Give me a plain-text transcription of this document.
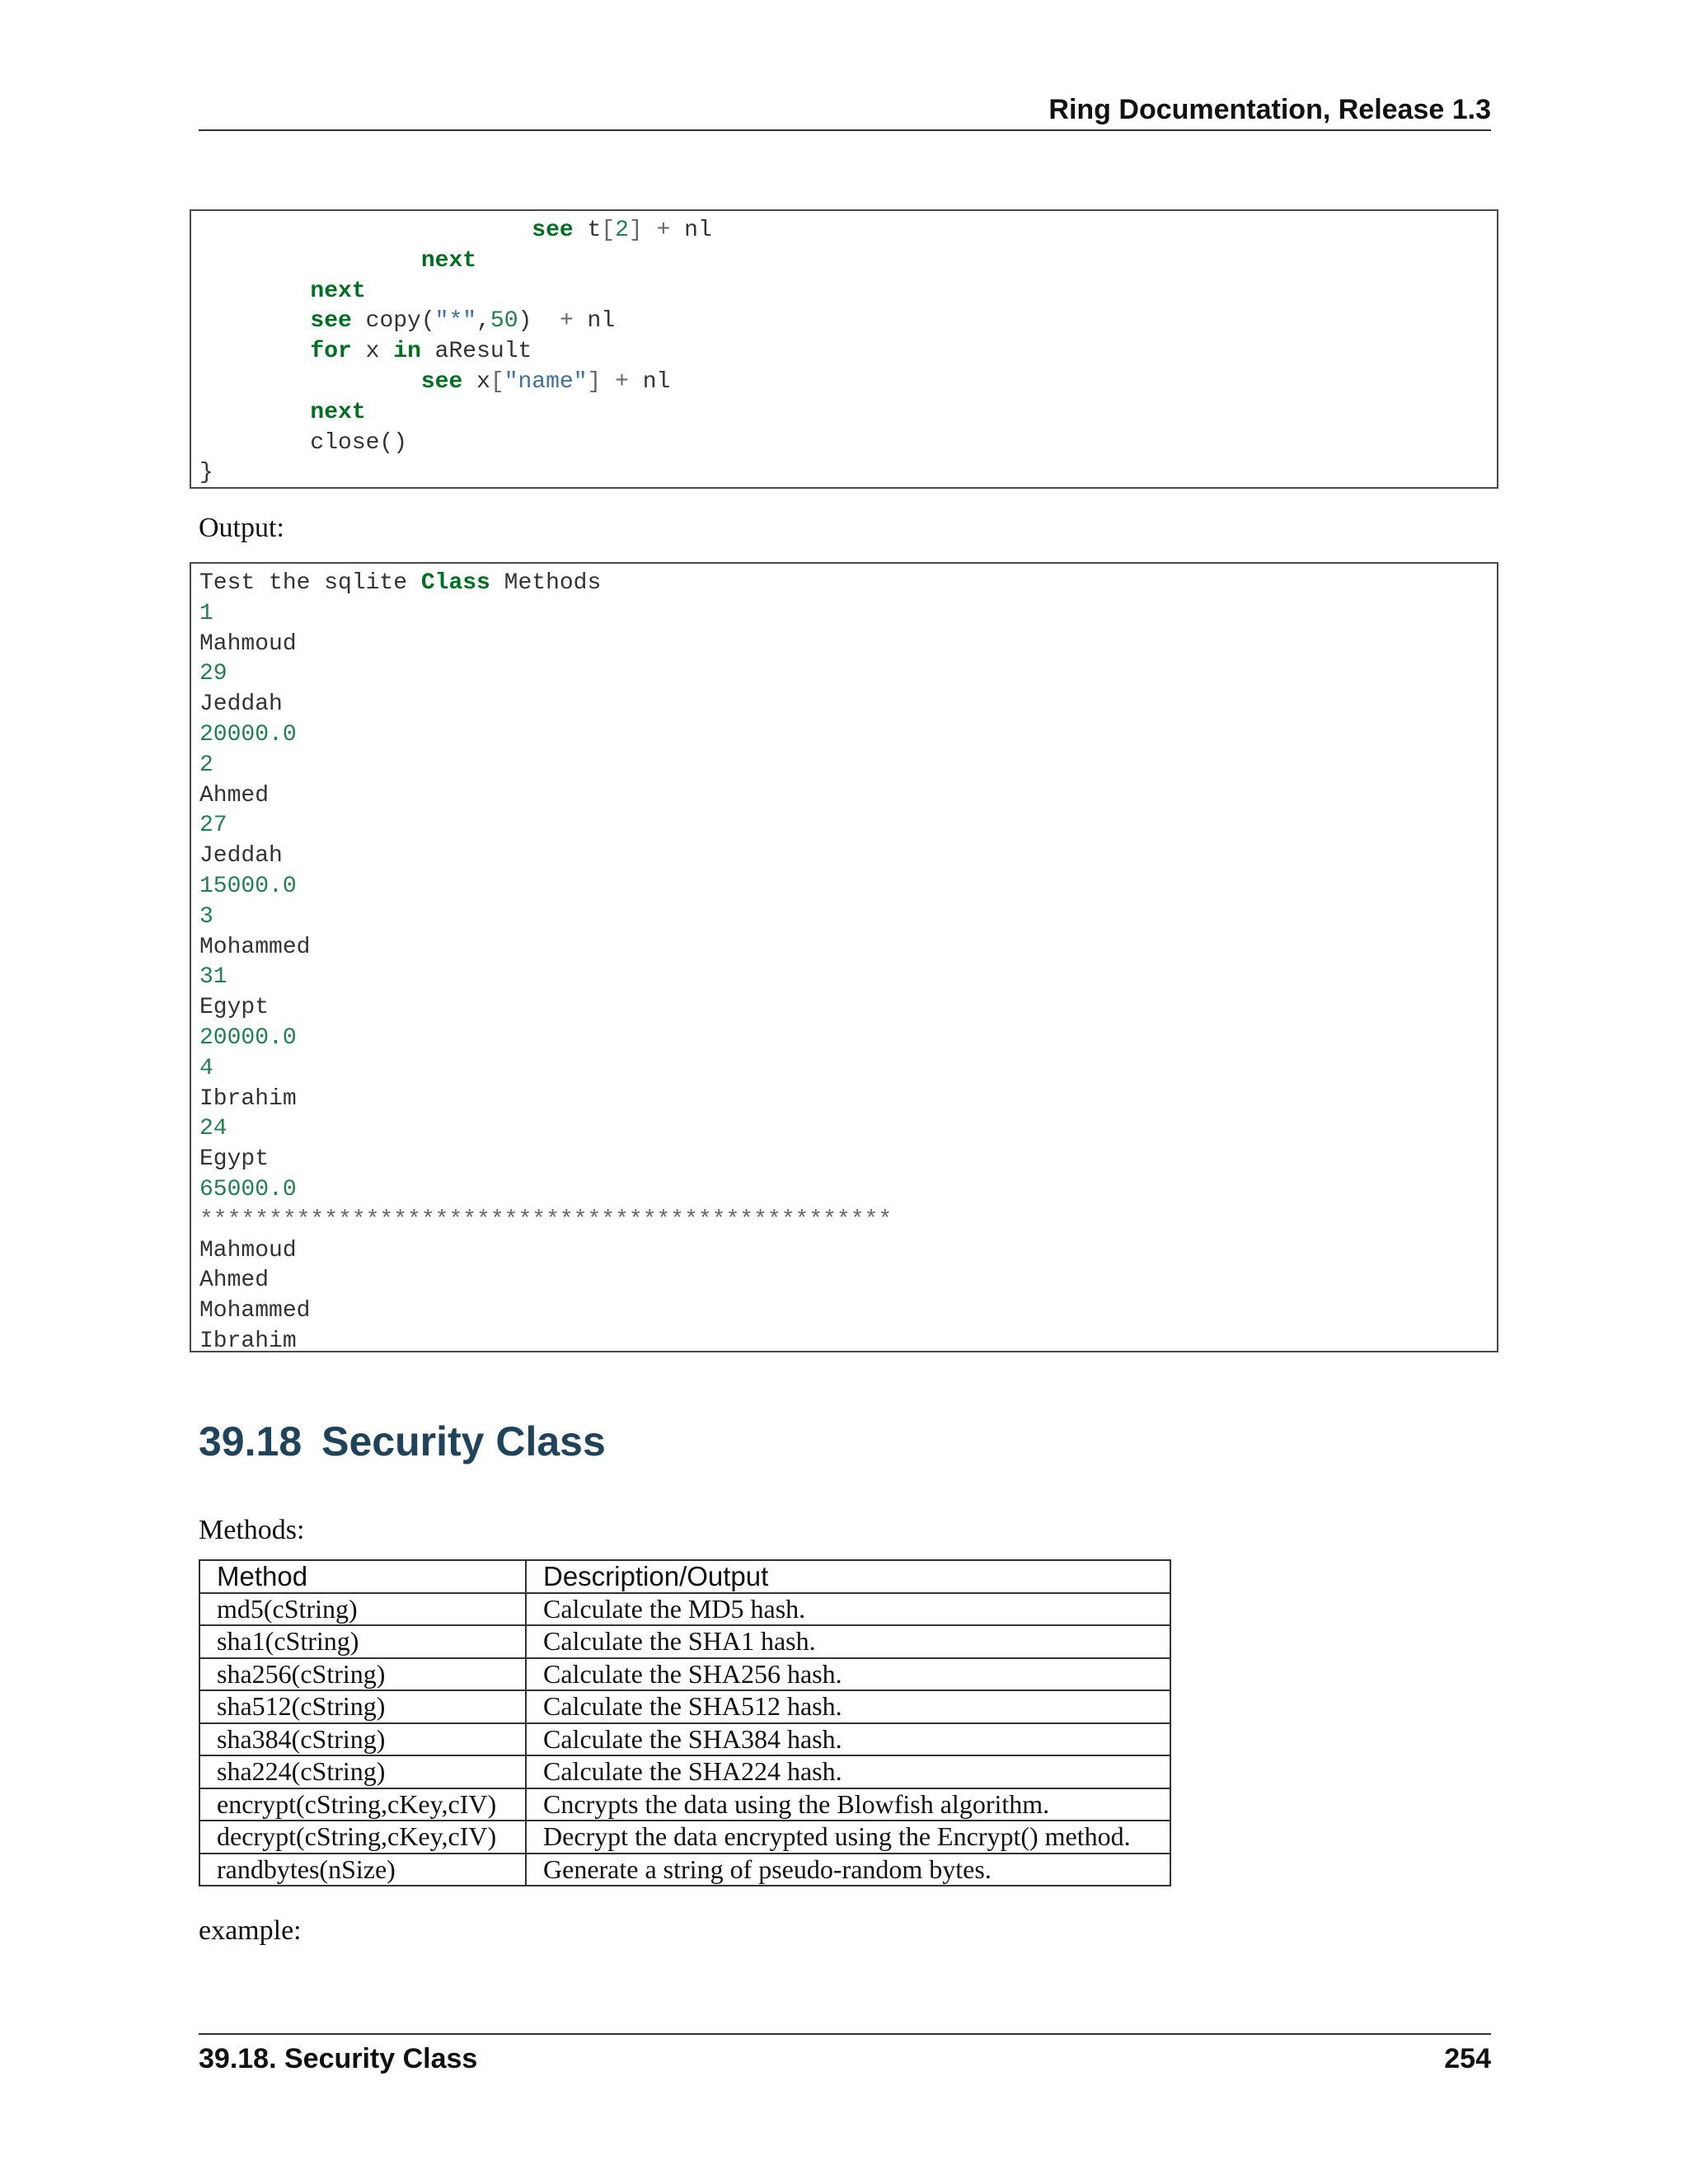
Ring Documentation, Release 1.3
see t[2] + nl
next
next
see copy("*",50)  + nl
for x in aResult
see x["name"] + nl
next
close()
}
Output:
Test the sqlite Class Methods
1
Mahmoud
29
Jeddah
20000.0
2
Ahmed
27
Jeddah
15000.0
3
Mohammed
31
Egypt
20000.0
4
Ibrahim
24
Egypt
65000.0
**************************************************
Mahmoud
Ahmed
Mohammed
Ibrahim
39.18 Security Class
Methods:
Method	Description/Output
md5(cString)	Calculate the MD5 hash.
sha1(cString)	Calculate the SHA1 hash.
sha256(cString)	Calculate the SHA256 hash.
sha512(cString)	Calculate the SHA512 hash.
sha384(cString)	Calculate the SHA384 hash.
sha224(cString)	Calculate the SHA224 hash.
encrypt(cString,cKey,cIV)	Cncrypts the data using the Blowfish algorithm.
decrypt(cString,cKey,cIV)	Decrypt the data encrypted using the Encrypt() method.
randbytes(nSize)	Generate a string of pseudo-random bytes.
example:
39.18. Security Class	254
